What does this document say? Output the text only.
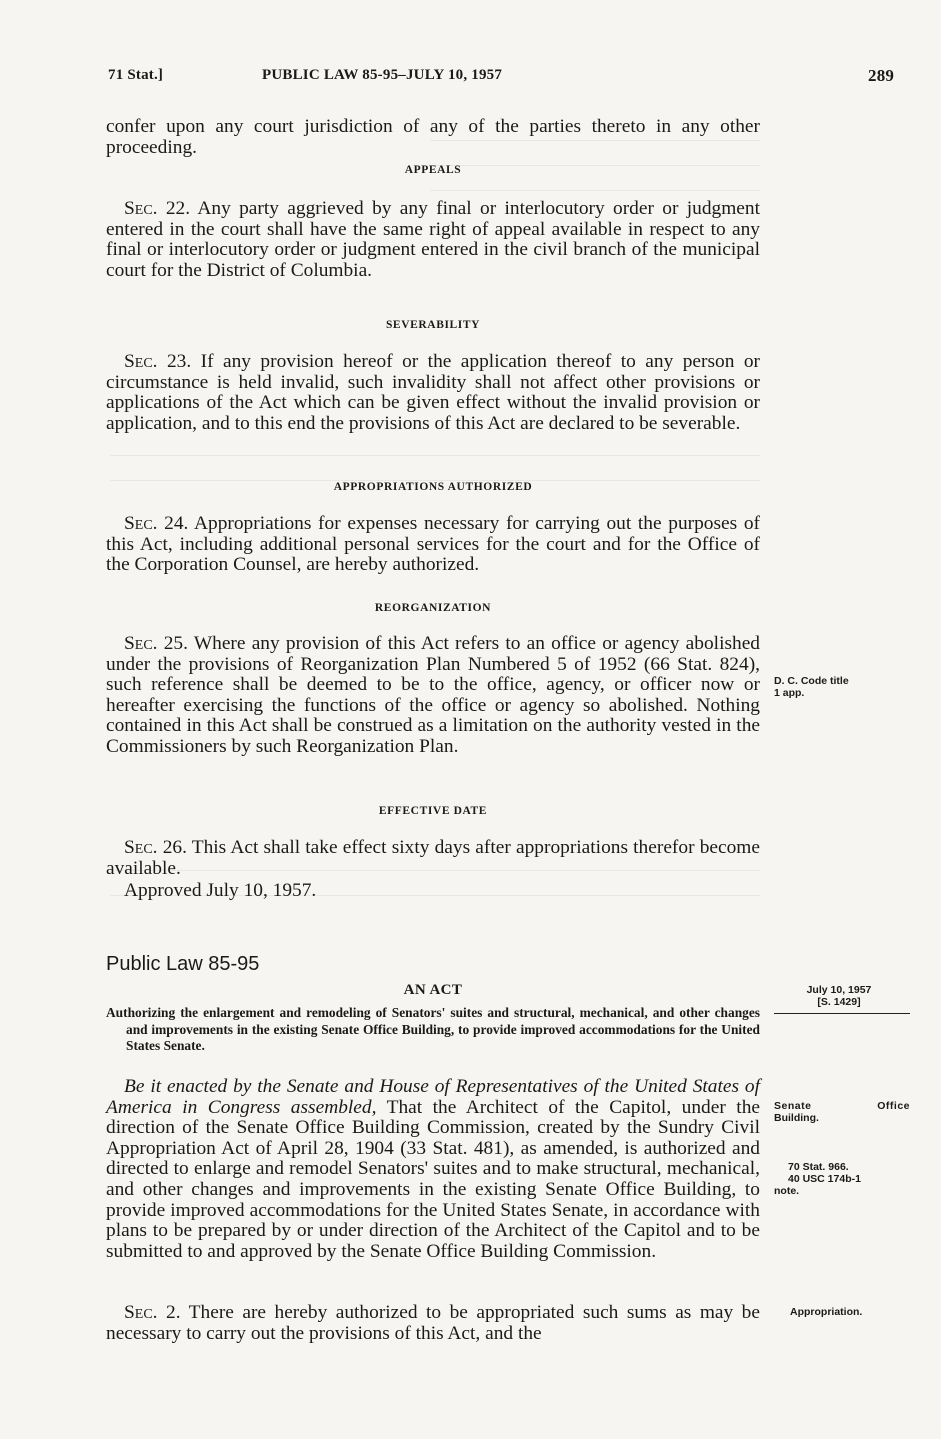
71 Stat.]	PUBLIC LAW 85-95–JULY 10, 1957	289

confer upon any court jurisdiction of any of the parties thereto in any other proceeding.

APPEALS

Sec. 22. Any party aggrieved by any final or interlocutory order or judgment entered in the court shall have the same right of appeal available in respect to any final or interlocutory order or judgment entered in the civil branch of the municipal court for the District of Columbia.

SEVERABILITY

Sec. 23. If any provision hereof or the application thereof to any person or circumstance is held invalid, such invalidity shall not affect other provisions or applications of the Act which can be given effect without the invalid provision or application, and to this end the provisions of this Act are declared to be severable.

APPROPRIATIONS AUTHORIZED

Sec. 24. Appropriations for expenses necessary for carrying out the purposes of this Act, including additional personal services for the court and for the Office of the Corporation Counsel, are hereby authorized.

REORGANIZATION

Sec. 25. Where any provision of this Act refers to an office or agency abolished under the provisions of Reorganization Plan Numbered 5 of 1952 (66 Stat. 824), such reference shall be deemed to be to the office, agency, or officer now or hereafter exercising the functions of the office or agency so abolished. Nothing contained in this Act shall be construed as a limitation on the authority vested in the Commissioners by such Reorganization Plan.

EFFECTIVE DATE

Sec. 26. This Act shall take effect sixty days after appropriations therefor become available.

Approved July 10, 1957.

Public Law 85-95

AN ACT

Authorizing the enlargement and remodeling of Senators' suites and structural, mechanical, and other changes and improvements in the existing Senate Office Building, to provide improved accommodations for the United States Senate.

Be it enacted by the Senate and House of Representatives of the United States of America in Congress assembled, That the Architect of the Capitol, under the direction of the Senate Office Building Commission, created by the Sundry Civil Appropriation Act of April 28, 1904 (33 Stat. 481), as amended, is authorized and directed to enlarge and remodel Senators' suites and to make structural, mechanical, and other changes and improvements in the existing Senate Office Building, to provide improved accommodations for the United States Senate, in accordance with plans to be prepared by or under direction of the Architect of the Capitol and to be submitted to and approved by the Senate Office Building Commission.

Sec. 2. There are hereby authorized to be appropriated such sums as may be necessary to carry out the provisions of this Act, and the

D. C. Code title
1 app.
July 10, 1957
[S. 1429]
Senate Office
Building.
70 Stat. 966.
40 USC 174b-1
note.
Appropriation.
